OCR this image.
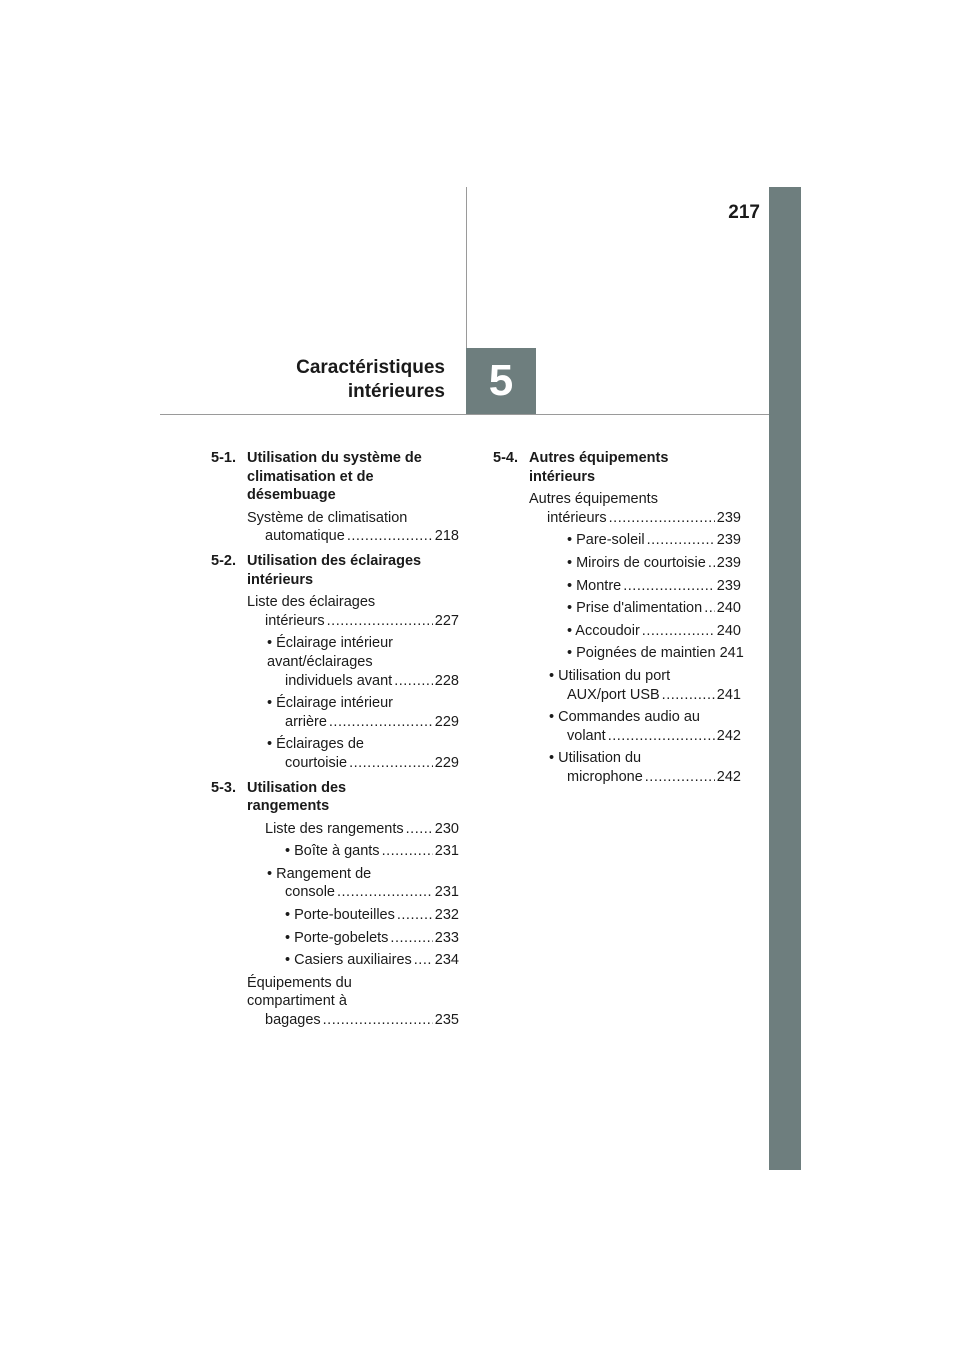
217
5
Caractéristiques
intérieures
5-1. Utilisation du système de
climatisation et de
désembuage
Système de climatisation
automatique .....	218
5-2. Utilisation des éclairages
intérieurs
Liste des éclairages
intérieurs .....	227
• Éclairage intérieur
avant/éclairages
individuels avant .....	228
• Éclairage intérieur
arrière .....	229
• Éclairages de
courtoisie .....	229
5-3. Utilisation des
rangements
Liste des rangements ..... 230
• Boîte à gants .....	231
• Rangement de
console .....	231
• Porte-bouteilles .....	232
• Porte-gobelets .....	233
• Casiers auxiliaires ..... 234
Équipements du
compartiment à
bagages .....	235
5-4. Autres équipements
intérieurs
Autres équipements
intérieurs .....	239
• Pare-soleil .....	239
• Miroirs de courtoisie ..... 239
• Montre .....	239
• Prise d'alimentation ..... 240
• Accoudoir .....	240
• Poignées de maintien 241
• Utilisation du port
AUX/port USB .....	241
• Commandes audio au
volant .....	242
• Utilisation du
microphone .....	242
